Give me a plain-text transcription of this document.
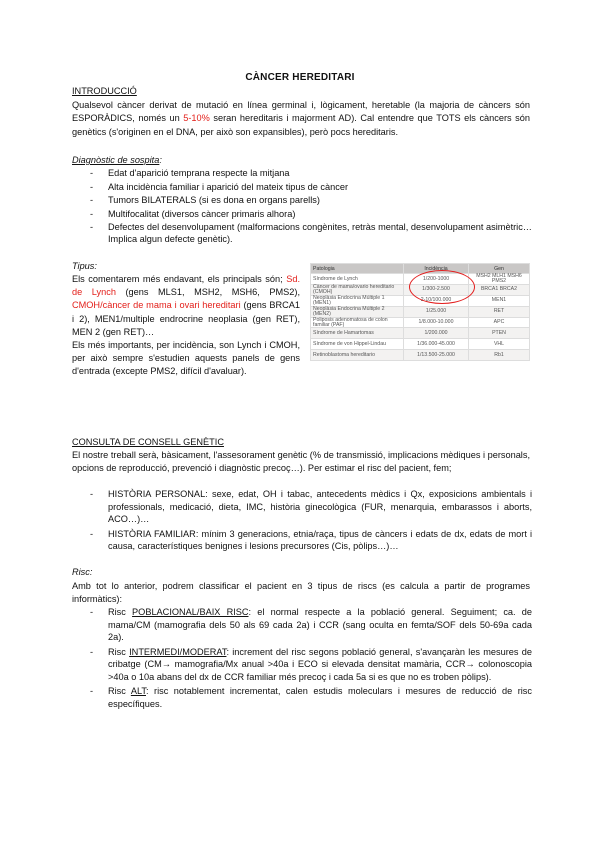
CÀNCER HEREDITARI
INTRODUCCIÓ
Qualsevol càncer derivat de mutació en línea germinal i, lògicament, heretable (la majoria de càncers són ESPORÀDICS, només un 5-10% seran hereditaris i majorment AD). Cal entendre que TOTS els càncers són genètics (s'originen en el DNA, per això son expansibles), però pocs hereditaris.
Diagnòstic de sospita:
- Edat d'aparició temprana respecte la mitjana
- Alta incidència familiar i aparició del mateix tipus de càncer
- Tumors BILATERALS (si es dona en organs parells)
- Multifocalitat (diversos càncer primaris alhora)
- Defectes del desenvolupament (malformacions congènites, retràs mental, desenvolupament asimètric… Implica algun defecte genètic).
Tipus:
Els comentarem més endavant, els principals són; Sd. de Lynch (gens MLS1, MSH2, MSH6, PMS2), CMOH/càncer de mama i ovari hereditari (gens BRCA1 i 2), MEN1/multiple endrocrine neoplasia (gen RET), MEN 2 (gen RET)…
Els més importants, per incidència, son Lynch i CMOH, per això sempre s'estudien aquests panels de gens d'entrada (excepte PMS2, difícil d'avaluar).
Patologia	Incidència	Gen
Síndrome de Lynch	1/200-1000	MSH2 MLH1 MSH6 PMS2
Càncer de mama/ovario hereditario (CMOH)	1/300-2.500	BRCA1 BRCA2
Neoplàsia Endocrina Múltiple 1 (MEN1)	2-10/100.000	MEN1
Neoplàsia Endocrina Múltiple 2 (MEN2)	1/25.000	RET
Poliposis adenomatosa de colon familiar (PAF)	1/8.000-10.000	APC
Síndrome de Hamartomas	1/200.000	PTEN
Síndrome de von Hippel-Lindau	1/36.000-45.000	VHL
Retinoblastoma hereditario	1/13.500-25.000	Rb1
CONSULTA DE CONSELL GENÈTIC
El nostre treball serà, bàsicament, l'assesorament genètic (% de transmissió, implicacions mèdiques i personals, opcions de reproducció, prevenció i diagnòstic precoç…). Per estimar el risc del pacient, fem;
- HISTÒRIA PERSONAL: sexe, edat, OH i tabac, antecedents mèdics i Qx, exposicions ambientals i professionals, medicació, dieta, IMC, història ginecològica (FUR, menarquia, embarassos i aborts, ACO…)…
- HISTÒRIA FAMILIAR: mínim 3 generacions, etnia/raça, tipus de càncers i edats de dx, edats de mort i causa, característiques benignes i lesions precursores (Cis, pòlips…)…
Risc:
Amb tot lo anterior, podrem classificar el pacient en 3 tipus de riscs (es calcula a partir de programes informàtics):
- Risc POBLACIONAL/BAIX RISC: el normal respecte a la població general. Seguiment; ca. de mama/CM (mamografia dels 50 als 69 cada 2a) i CCR (sang oculta en femta/SOF dels 50-69a cada 2a).
- Risc INTERMEDI/MODERAT: increment del risc segons població general, s'avançaràn les mesures de cribatge (CM→ mamografia/Mx anual >40a i ECO si elevada densitat mamària, CCR→ colonoscopia >40a o 10a abans del dx de CCR familiar més precoç i cada 5a si es que no es troben pòlips).
- Risc ALT: risc notablement incrementat, calen estudis moleculars i mesures de reducció de risc específiques.
